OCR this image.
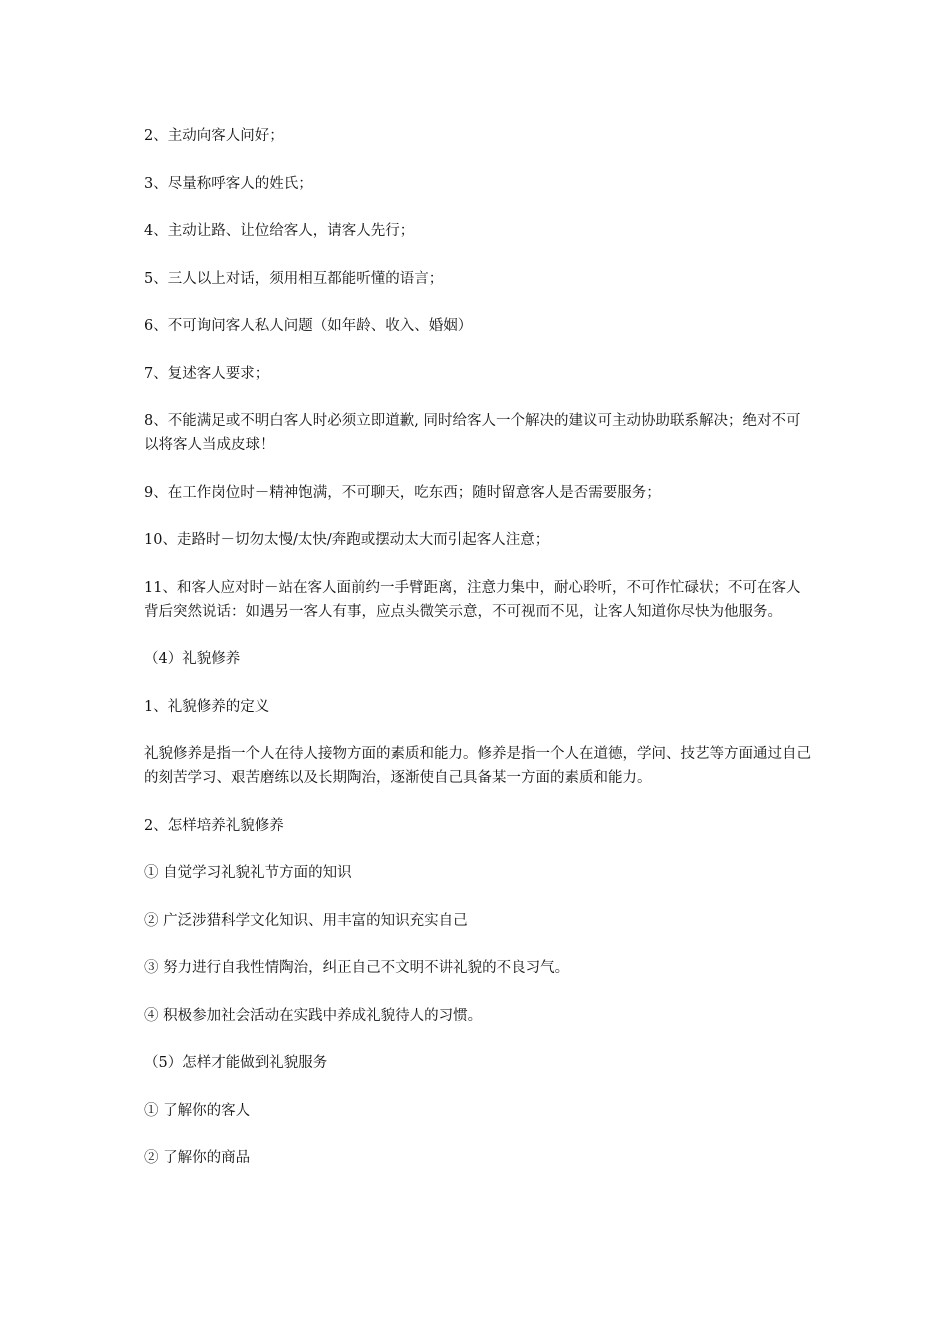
2、主动向客人问好；

3、尽量称呼客人的姓氏；

4、主动让路、让位给客人，请客人先行；

5、三人以上对话，须用相互都能听懂的语言；

6、不可询问客人私人问题（如年龄、收入、婚姻）

7、复述客人要求；

8、不能满足或不明白客人时必须立即道歉, 同时给客人一个解决的建议可主动协助联系解决；绝对不可以将客人当成皮球！

9、在工作岗位时－精神饱满，不可聊天，吃东西；随时留意客人是否需要服务；

10、走路时－切勿太慢/太快/奔跑或摆动太大而引起客人注意；

11、和客人应对时－站在客人面前约一手臂距离，注意力集中，耐心聆听，不可作忙碌状；不可在客人背后突然说话：如遇另一客人有事，应点头微笑示意，不可视而不见，让客人知道你尽快为他服务。

（4）礼貌修养

1、礼貌修养的定义

礼貌修养是指一个人在待人接物方面的素质和能力。修养是指一个人在道德，学问、技艺等方面通过自己的刻苦学习、艰苦磨练以及长期陶治，逐渐使自己具备某一方面的素质和能力。

2、怎样培养礼貌修养

① 自觉学习礼貌礼节方面的知识

② 广泛涉猎科学文化知识、用丰富的知识充实自己

③ 努力进行自我性情陶治，纠正自己不文明不讲礼貌的不良习气。

④ 积极参加社会活动在实践中养成礼貌待人的习惯。

（5）怎样才能做到礼貌服务

① 了解你的客人

② 了解你的商品
